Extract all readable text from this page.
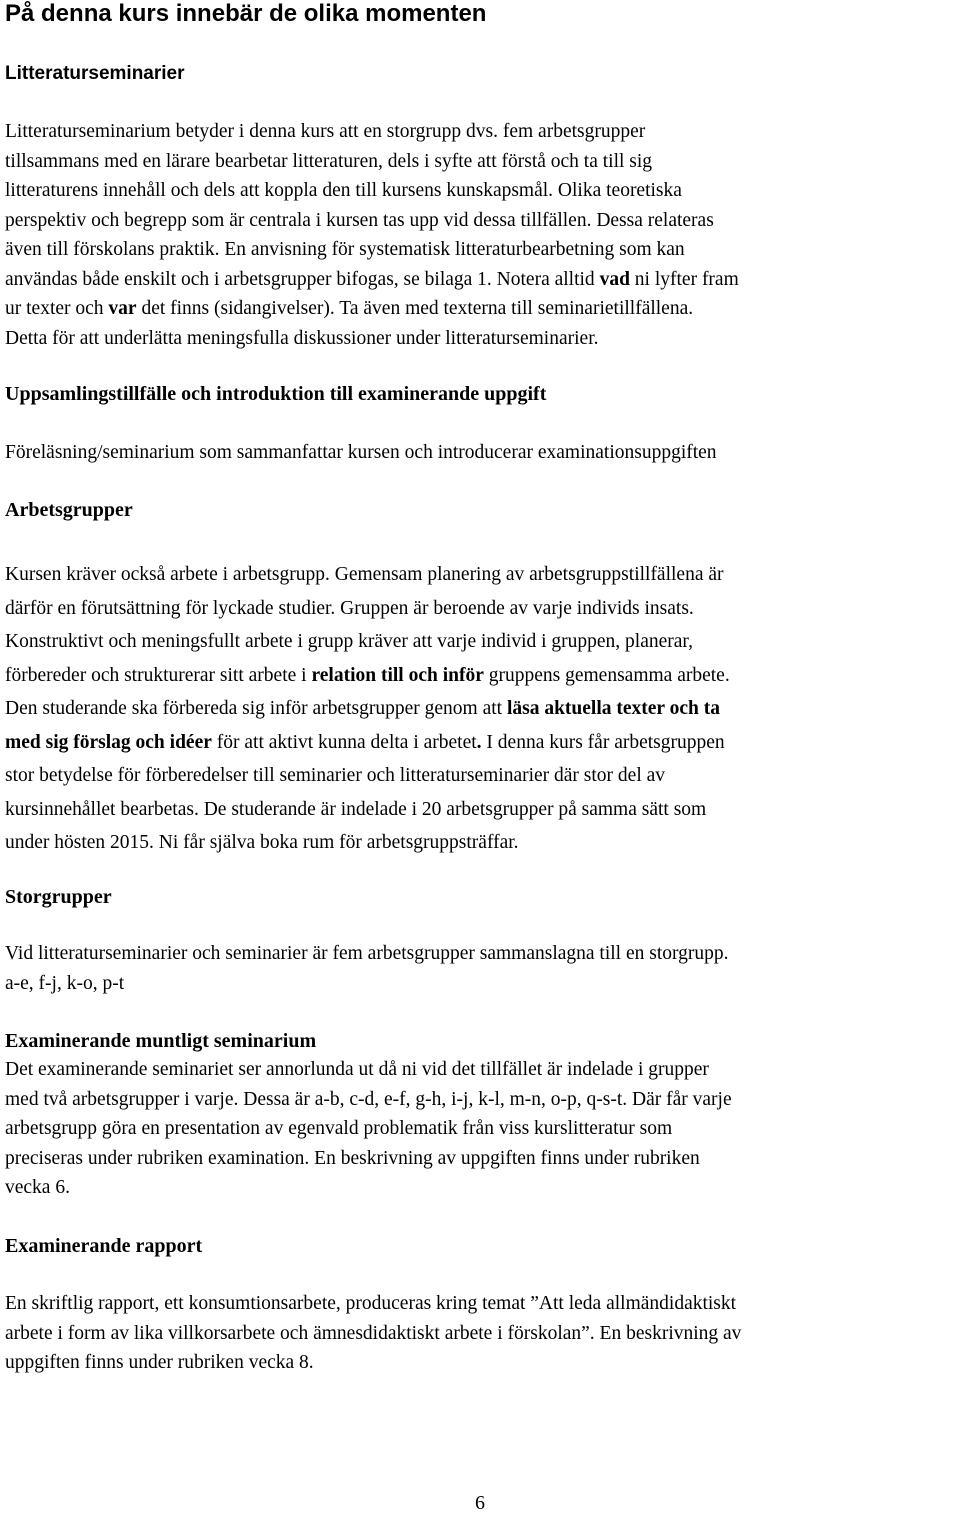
På denna kurs innebär de olika momenten
Litteraturseminarier
Litteraturseminarium betyder i denna kurs att en storgrupp dvs. fem arbetsgrupper
tillsammans med en lärare bearbetar litteraturen, dels i syfte att förstå och ta till sig
litteraturens innehåll och dels att koppla den till kursens kunskapsmål. Olika teoretiska
perspektiv och begrepp som är centrala i kursen tas upp vid dessa tillfällen. Dessa relateras
även till förskolans praktik. En anvisning för systematisk litteraturbearbetning som kan
användas både enskilt och i arbetsgrupper bifogas, se bilaga 1. Notera alltid vad ni lyfter fram
ur texter och var det finns (sidangivelser). Ta även med texterna till seminarietillfällena.
Detta för att underlätta meningsfulla diskussioner under litteraturseminarier.
Uppsamlingstillfälle och introduktion till examinerande uppgift

Föreläsning/seminarium som sammanfattar kursen och introducerar examinationsuppgiften

Arbetsgrupper
Kursen kräver också arbete i arbetsgrupp. Gemensam planering av arbetsgruppstillfällena är
därför en förutsättning för lyckade studier. Gruppen är beroende av varje individs insats.
Konstruktivt och meningsfullt arbete i grupp kräver att varje individ i gruppen, planerar,
förbereder och strukturerar sitt arbete i relation till och inför gruppens gemensamma arbete.
Den studerande ska förbereda sig inför arbetsgrupper genom att läsa aktuella texter och ta
med sig förslag och idéer för att aktivt kunna delta i arbetet. I denna kurs får arbetsgruppen
stor betydelse för förberedelser till seminarier och litteraturseminarier där stor del av
kursinnehållet bearbetas. De studerande är indelade i 20 arbetsgrupper på samma sätt som
under hösten 2015. Ni får själva boka rum för arbetsgruppsträffar.
Storgrupper
Vid litteraturseminarier och seminarier är fem arbetsgrupper sammanslagna till en storgrupp.
a-e, f-j, k-o, p-t
Examinerande muntligt seminarium
Det examinerande seminariet ser annorlunda ut då ni vid det tillfället är indelade i grupper
med två arbetsgrupper i varje. Dessa är a-b, c-d, e-f, g-h, i-j, k-l, m-n, o-p, q-s-t. Där får varje
arbetsgrupp göra en presentation av egenvald problematik från viss kurslitteratur som
preciseras under rubriken examination. En beskrivning av uppgiften finns under rubriken
vecka 6.
Examinerande rapport
En skriftlig rapport, ett konsumtionsarbete, produceras kring temat ”Att leda allmändidaktiskt
arbete i form av lika villkorsarbete och ämnesdidaktiskt arbete i förskolan”. En beskrivning av
uppgiften finns under rubriken vecka 8.
6
